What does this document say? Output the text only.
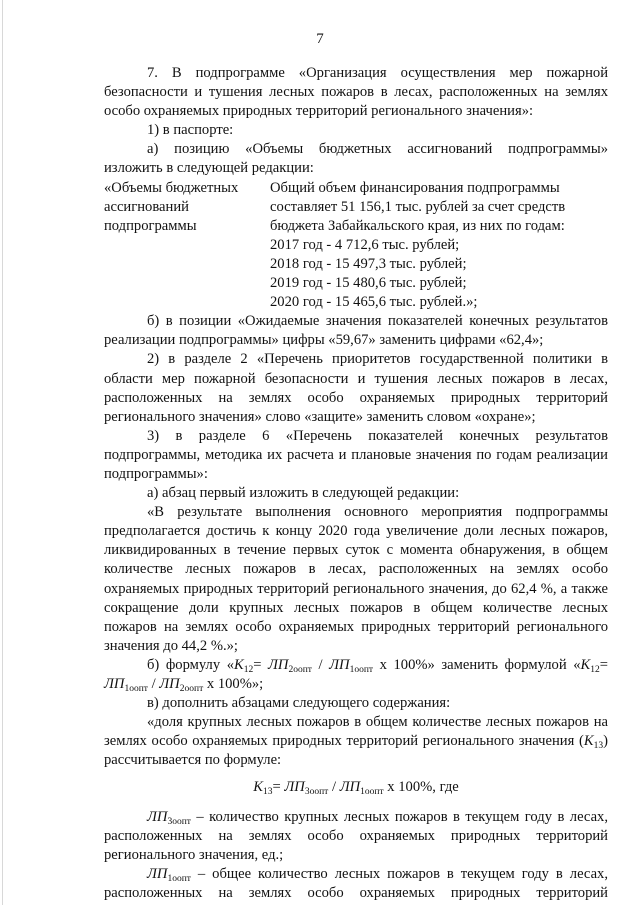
7

7. В подпрограмме «Организация осуществления мер пожарной безопасности и тушения лесных пожаров в лесах, расположенных на землях особо охраняемых природных территорий регионального значения»:

1) в паспорте:

а) позицию «Объемы бюджетных ассигнований подпрограммы» изложить в следующей редакции:

«Объемы бюджетных
ассигнований
подпрограммы
Общий объем финансирования подпрограммы
составляет 51 156,1 тыс. рублей за счет средств
бюджета Забайкальского края, из них по годам:
2017 год - 4 712,6 тыс. рублей;
2018 год - 15 497,3 тыс. рублей;
2019 год - 15 480,6 тыс. рублей;
2020 год - 15 465,6 тыс. рублей.»;

б) в позиции «Ожидаемые значения показателей конечных результатов реализации подпрограммы» цифры «59,67» заменить цифрами «62,4»;

2) в разделе 2 «Перечень приоритетов государственной политики в области мер пожарной безопасности и тушения лесных пожаров в лесах, расположенных на землях особо охраняемых природных территорий регионального значения» слово «защите» заменить словом «охране»;

3) в разделе 6 «Перечень показателей конечных результатов подпрограммы, методика их расчета и плановые значения по годам реализации подпрограммы»:

а) абзац первый изложить в следующей редакции:

«В результате выполнения основного мероприятия подпрограммы предполагается достичь к концу 2020 года увеличение доли лесных пожаров, ликвидированных в течение первых суток с момента обнаружения, в общем количестве лесных пожаров в лесах, расположенных на землях особо охраняемых природных территорий регионального значения, до 62,4 %, а также сокращение доли крупных лесных пожаров в общем количестве лесных пожаров на землях особо охраняемых природных территорий регионального значения до 44,2 %.»;

б) формулу «$K_{12}= ЛП_{2оопт} / ЛП_{1оопт}$ x 100%» заменить формулой «$K_{12}= ЛП_{1оопт} / ЛП_{2оопт}$ x 100%»;

в) дополнить абзацами следующего содержания:

«доля крупных лесных пожаров в общем количестве лесных пожаров на землях особо охраняемых природных территорий регионального значения $(K_{13})$ рассчитывается по формуле:

$K_{13}= ЛП_{3оопт} / ЛП_{1оопт}$ x 100%, где

$ЛП_{3оопт}$ – количество крупных лесных пожаров в текущем году в лесах, расположенных на землях особо охраняемых природных территорий регионального значения, ед.;

$ЛП_{1оопт}$ – общее количество лесных пожаров в текущем году в лесах, расположенных на землях особо охраняемых природных территорий
